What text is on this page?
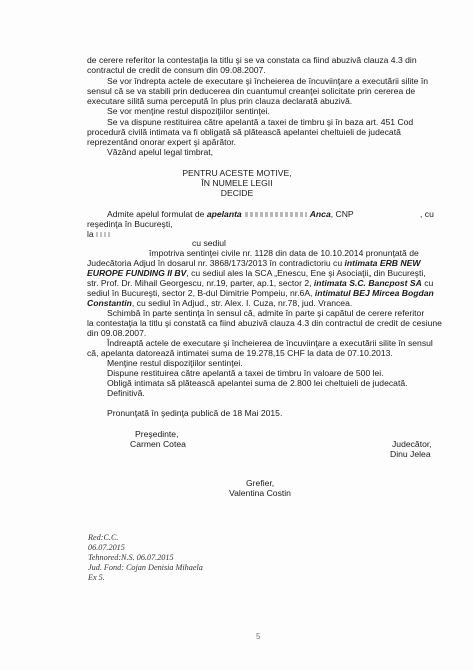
de cerere referitor la contestaţia la titlu şi se va constata ca fiind abuzivă clauza 4.3 din
contractul de credit de consum din 09.08.2007.
Se vor îndrepta actele de executare şi încheierea de încuviinţare a executării silite în
sensul că se va stabili prin deducerea din cuantumul creanţei solicitate prin cererea de
executare silită suma percepută în plus prin clauza declarată abuzivă.
Se vor menţine restul dispoziţiilor sentinţei.
Se va dispune restituirea către apelantă a taxei de timbru şi în baza art. 451 Cod
procedură civilă intimata va fi obligată să plătească apelantei cheltuieli de judecată
reprezentând onorar expert şi apărător.
Văzând apelul legal timbrat,
PENTRU ACESTE MOTIVE,
ÎN NUMELE LEGII
DECIDE
Admite apelul formulat de apelanta	Anca, CNP	, cu
reşedinţa în Bucureşti,
la
cu sediul
împotriva sentinţei civile nr. 1128 din data de 10.10.2014 pronunţată de
Judecătoria Adjud în dosarul nr. 3868/173/2013 în contradictoriu cu intimata ERB NEW
EUROPE FUNDING II BV, cu sediul ales la SCA „Enescu, Ene şi Asociaţii„ din Bucureşti,
str. Prof. Dr. Mihail Georgescu, nr.19, parter, ap.1, sector 2, intimata S.C. Bancpost SA cu
sediul în Bucureşti, sector 2, B-dul Dimitrie Pompeiu, nr.6A, intimatul BEJ Mircea Bogdan
Constantin, cu sediul în Adjud., str. Alex. I. Cuza, nr.78, jud. Vrancea.
Schimbă în parte sentinţa în sensul că, admite în parte şi capătul de cerere referitor
la contestaţia la titlu şi constată ca fiind abuzivă clauza 4.3 din contractul de credit de cesiune
din 09.08.2007.
Îndreaptă actele de executare şi încheierea de încuviinţare a executării silite în sensul
că, apelanta datorează intimatei suma de 19.278,15 CHF la data de 07.10.2013.
Menţine restul dispoziţiilor sentinţei.
Dispune restituirea către apelantă a taxei de timbru în valoare de 500 lei.
Obligă intimata să plătească apelantei suma de 2.800 lei cheltuieli de judecată.
Definitivă.
Pronunţată în şedinţa publică de 18 Mai 2015.
Preşedinte,
Carmen Cotea	Judecător,
Dinu Jelea
Grefier,
Valentina Costin
Red:C.C.
06.07.2015
Tehnored:N.S. 06.07.2015
Jud. Fond: Cojan Denisia Mihaela
Ex 5.
5
